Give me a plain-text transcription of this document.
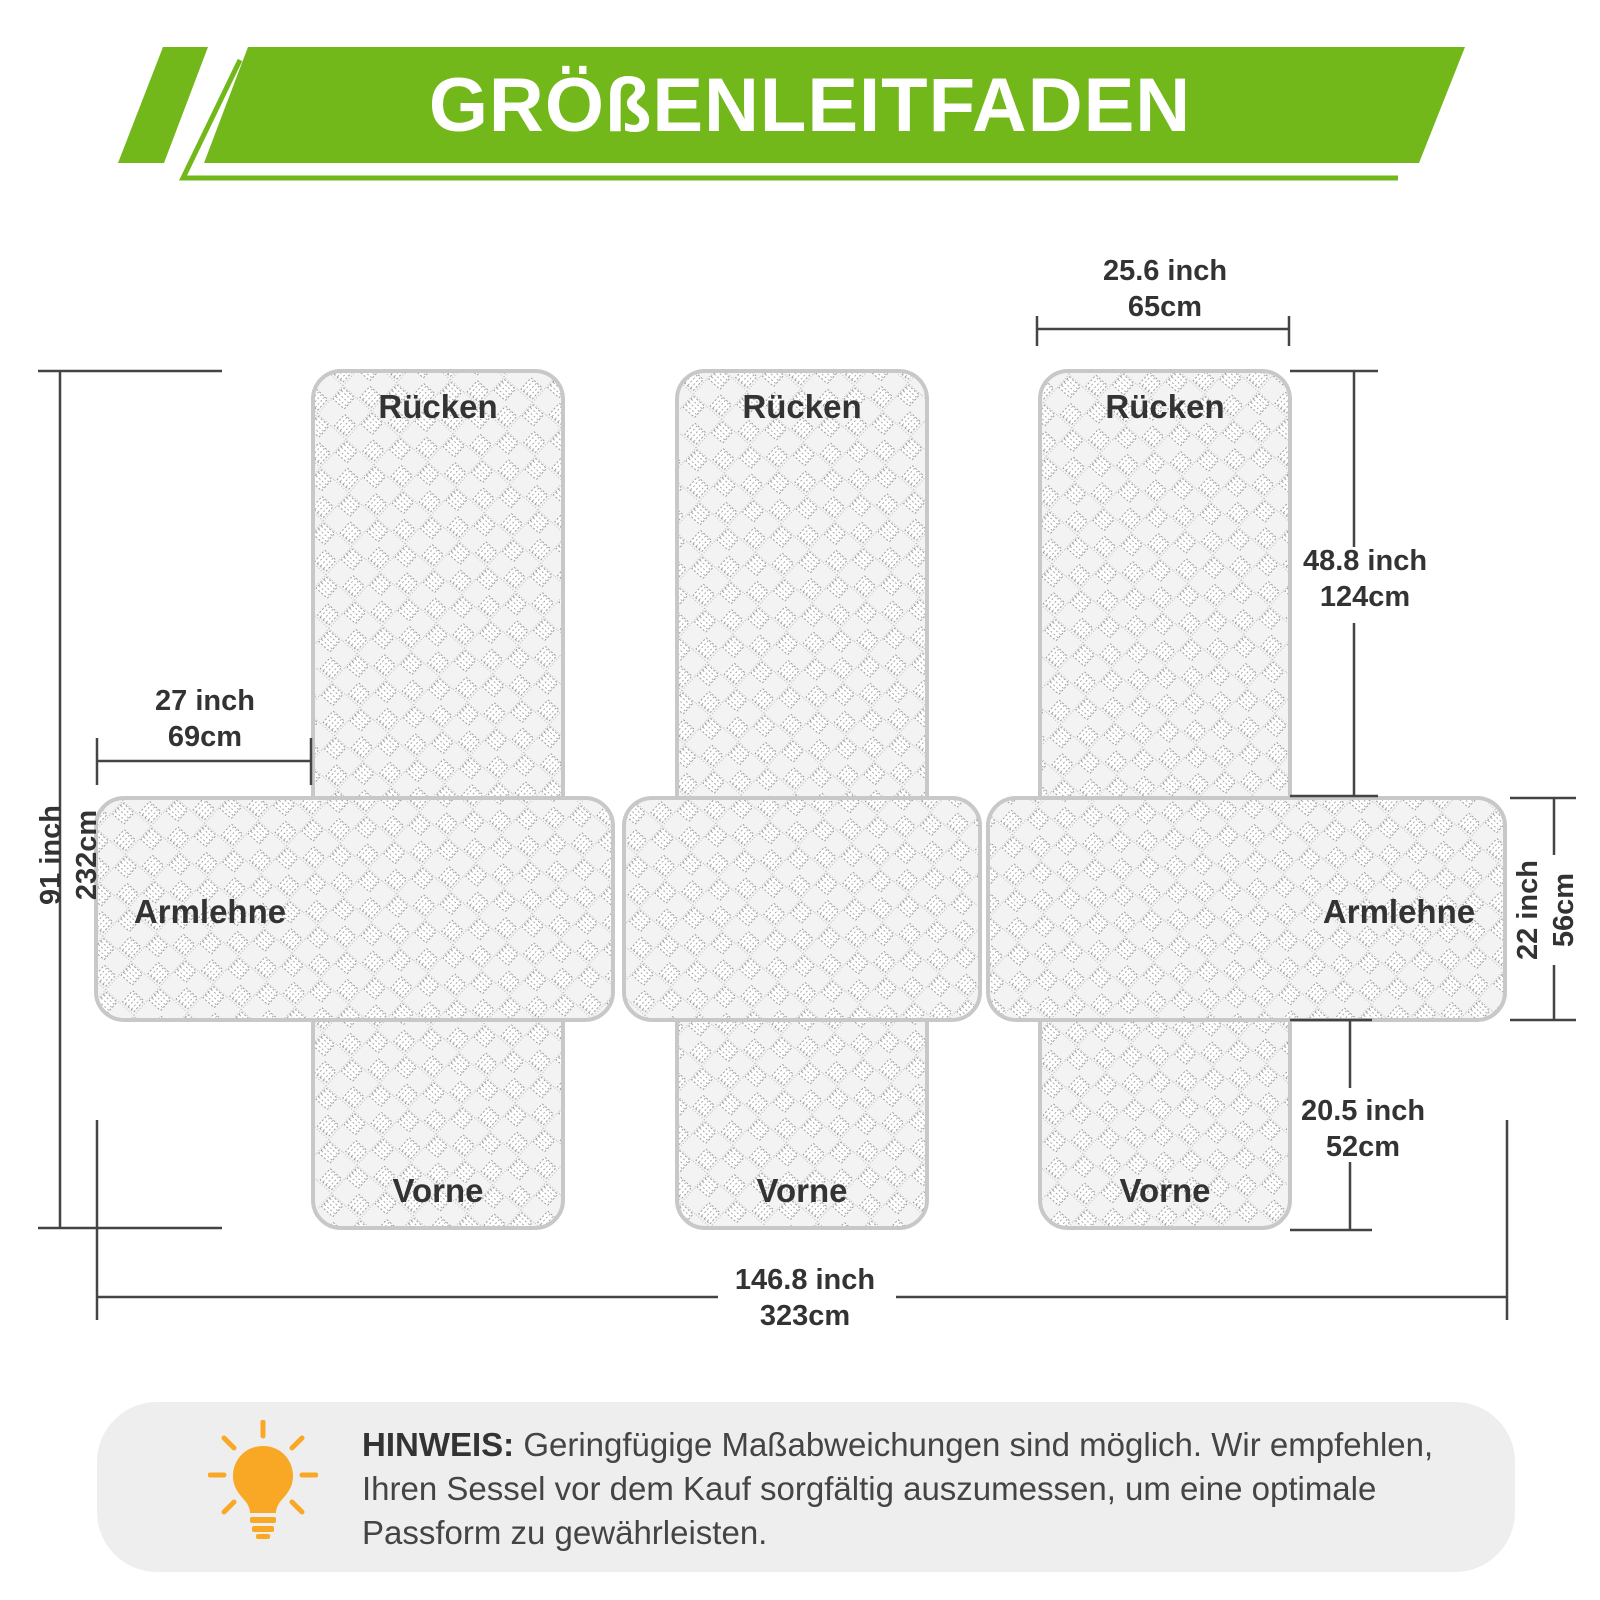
GRÖßENLEITFADEN
Rücken
Vorne
Armlehne
Rücken
Vorne
Rücken
Vorne
Armlehne
25.6 inch
65cm
48.8 inch
124cm
27 inch
69cm
20.5 inch
52cm
146.8 inch
323cm
91 inch 232cm
22 inch 56cm
HINWEIS: Geringfügige Maßabweichungen sind möglich. Wir empfehlen, Ihren Sessel vor dem Kauf sorgfältig auszumessen, um eine optimale Passform zu gewährleisten.
